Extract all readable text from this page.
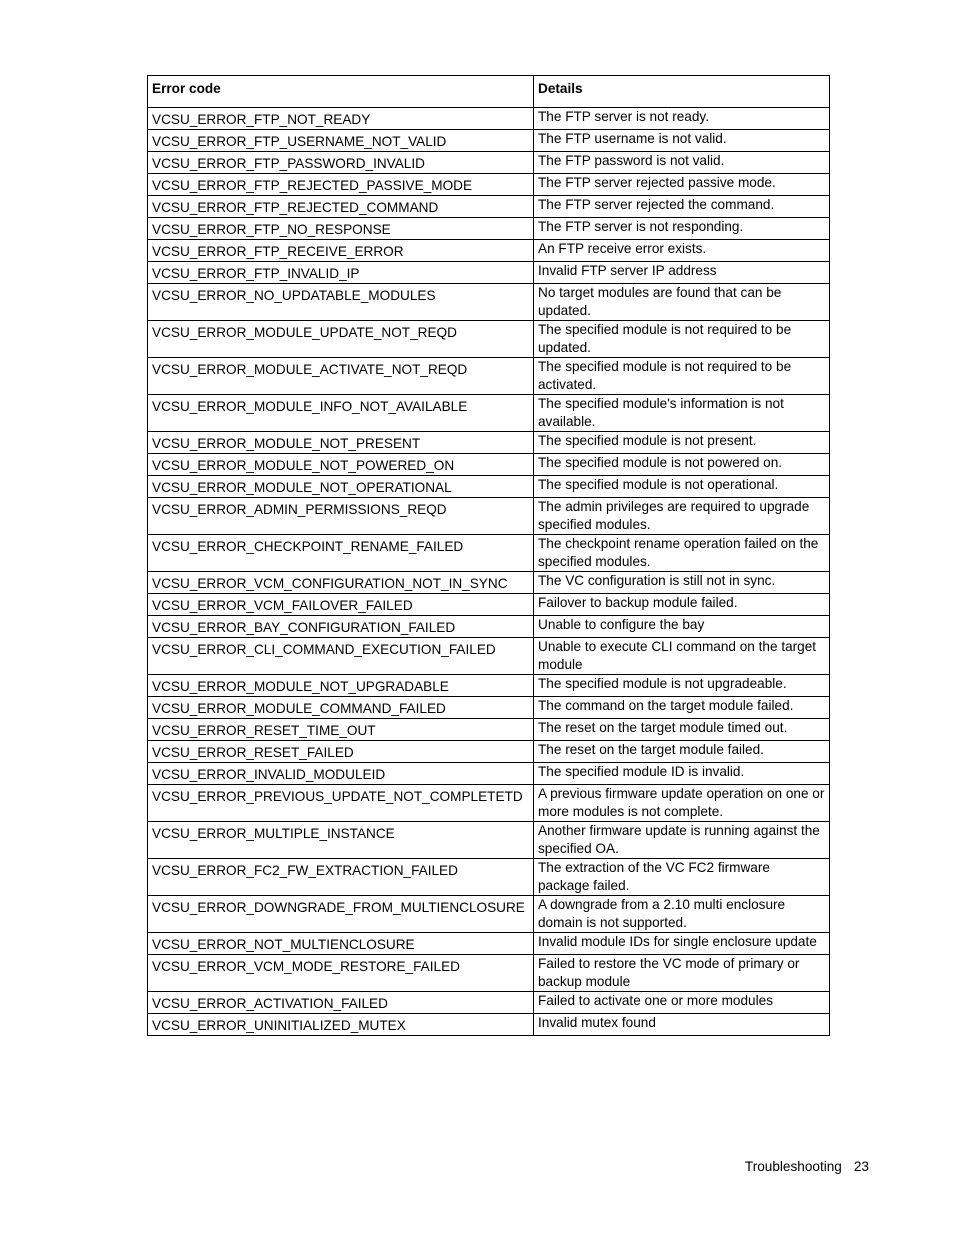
Error code	Details
VCSU_ERROR_FTP_NOT_READY	The FTP server is not ready.
VCSU_ERROR_FTP_USERNAME_NOT_VALID	The FTP username is not valid.
VCSU_ERROR_FTP_PASSWORD_INVALID	The FTP password is not valid.
VCSU_ERROR_FTP_REJECTED_PASSIVE_MODE	The FTP server rejected passive mode.
VCSU_ERROR_FTP_REJECTED_COMMAND	The FTP server rejected the command.
VCSU_ERROR_FTP_NO_RESPONSE	The FTP server is not responding.
VCSU_ERROR_FTP_RECEIVE_ERROR	An FTP receive error exists.
VCSU_ERROR_FTP_INVALID_IP	Invalid FTP server IP address
VCSU_ERROR_NO_UPDATABLE_MODULES	No target modules are found that can be updated.
VCSU_ERROR_MODULE_UPDATE_NOT_REQD	The specified module is not required to be updated.
VCSU_ERROR_MODULE_ACTIVATE_NOT_REQD	The specified module is not required to be activated.
VCSU_ERROR_MODULE_INFO_NOT_AVAILABLE	The specified module's information is not available.
VCSU_ERROR_MODULE_NOT_PRESENT	The specified module is not present.
VCSU_ERROR_MODULE_NOT_POWERED_ON	The specified module is not powered on.
VCSU_ERROR_MODULE_NOT_OPERATIONAL	The specified module is not operational.
VCSU_ERROR_ADMIN_PERMISSIONS_REQD	The admin privileges are required to upgrade specified modules.
VCSU_ERROR_CHECKPOINT_RENAME_FAILED	The checkpoint rename operation failed on the specified modules.
VCSU_ERROR_VCM_CONFIGURATION_NOT_IN_SYNC	The VC configuration is still not in sync.
VCSU_ERROR_VCM_FAILOVER_FAILED	Failover to backup module failed.
VCSU_ERROR_BAY_CONFIGURATION_FAILED	Unable to configure the bay
VCSU_ERROR_CLI_COMMAND_EXECUTION_FAILED	Unable to execute CLI command on the target module
VCSU_ERROR_MODULE_NOT_UPGRADABLE	The specified module is not upgradeable.
VCSU_ERROR_MODULE_COMMAND_FAILED	The command on the target module failed.
VCSU_ERROR_RESET_TIME_OUT	The reset on the target module timed out.
VCSU_ERROR_RESET_FAILED	The reset on the target module failed.
VCSU_ERROR_INVALID_MODULEID	The specified module ID is invalid.
VCSU_ERROR_PREVIOUS_UPDATE_NOT_COMPLETETD	A previous firmware update operation on one or more modules is not complete.
VCSU_ERROR_MULTIPLE_INSTANCE	Another firmware update is running against the specified OA.
VCSU_ERROR_FC2_FW_EXTRACTION_FAILED	The extraction of the VC FC2 firmware package failed.
VCSU_ERROR_DOWNGRADE_FROM_MULTIENCLOSURE	A downgrade from a 2.10 multi enclosure domain is not supported.
VCSU_ERROR_NOT_MULTIENCLOSURE	Invalid module IDs for single enclosure update
VCSU_ERROR_VCM_MODE_RESTORE_FAILED	Failed to restore the VC mode of primary or backup module
VCSU_ERROR_ACTIVATION_FAILED	Failed to activate one or more modules
VCSU_ERROR_UNINITIALIZED_MUTEX	Invalid mutex found
Troubleshooting 23
